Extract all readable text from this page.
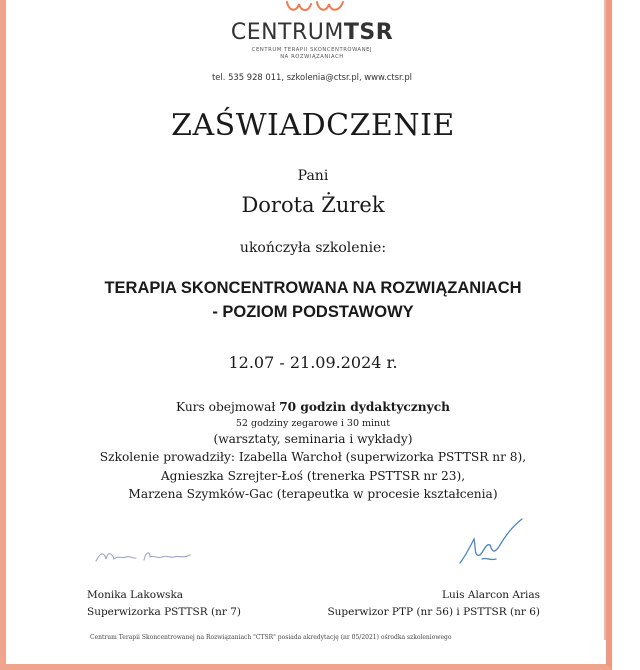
CENTRUMTSR
CENTRUM TERAPII SKONCENTROWANEJ
NA ROZWIĄZANIACH
tel. 535 928 011, szkolenia@ctsr.pl, www.ctsr.pl
ZAŚWIADCZENIE
Pani
Dorota Żurek
ukończyła szkolenie:
TERAPIA SKONCENTROWANA NA ROZWIĄZANIACH
- POZIOM PODSTAWOWY
12.07 - 21.09.2024 r.
Kurs obejmował 70 godzin dydaktycznych
52 godziny zegarowe i 30 minut
(warsztaty, seminaria i wykłady)
Szkolenie prowadziły: Izabella Warchoł (superwizorka PSTTSR nr 8),
Agnieszka Szrejter-Łoś (trenerka PSTTSR nr 23),
Marzena Szymków-Gac (terapeutka w procesie kształcenia)
Monika Lakowska
Superwizorka PSTTSR (nr 7)
Luis Alarcon Arias
Superwizor PTP (nr 56) i PSTTSR (nr 6)
Centrum Terapii Skoncentrowanej na Rozwiązaniach "CTSR" posiada akredytację (nr 05/2021) ośrodka szkoleniowego
